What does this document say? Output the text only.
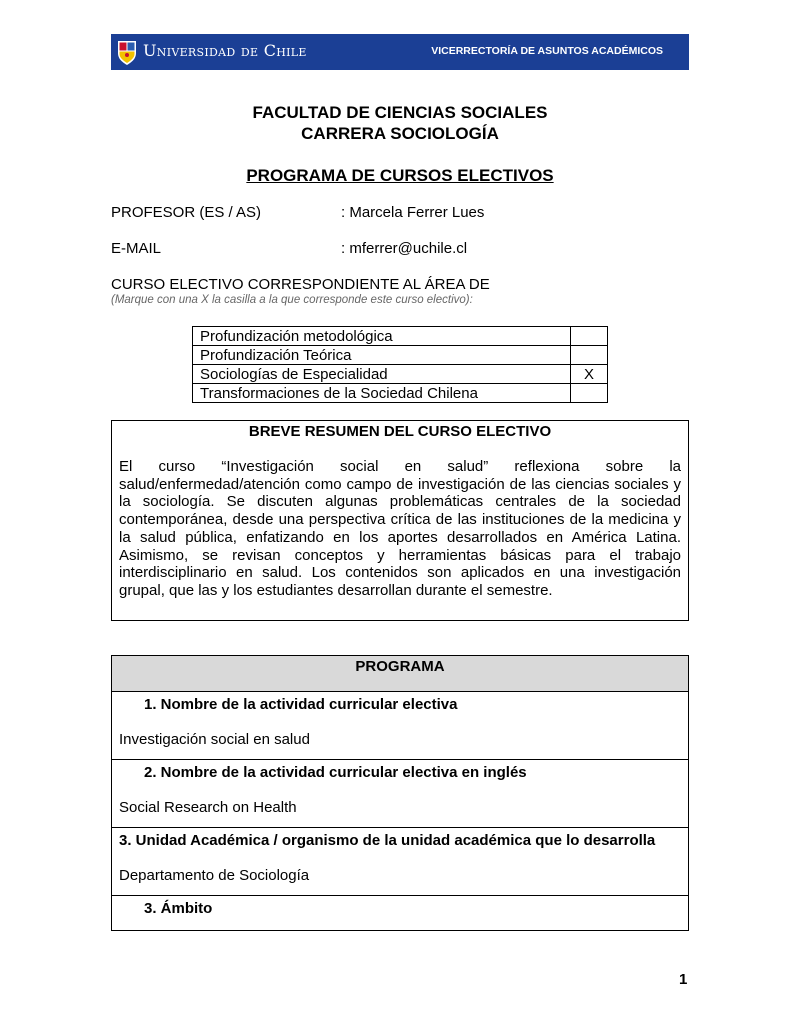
Universidad de Chile	VICERRECTORÍA DE ASUNTOS ACADÉMICOS
FACULTAD DE CIENCIAS SOCIALES
CARRERA SOCIOLOGÍA
PROGRAMA DE CURSOS ELECTIVOS
PROFESOR (ES / AS)	: Marcela Ferrer Lues
E-MAIL	: mferrer@uchile.cl
CURSO ELECTIVO CORRESPONDIENTE AL ÁREA DE
(Marque con una X la casilla a la que corresponde este curso electivo):
Profundización metodológica	
Profundización Teórica	
Sociologías de Especialidad	X
Transformaciones de la Sociedad Chilena	
BREVE RESUMEN DEL CURSO ELECTIVO
El curso “Investigación social en salud” reflexiona sobre la salud/enfermedad/atención como campo de investigación de las ciencias sociales y la sociología. Se discuten algunas problemáticas centrales de la sociedad contemporánea, desde una perspectiva crítica de las instituciones de la medicina y la salud pública, enfatizando en los aportes desarrollados en América Latina. Asimismo, se revisan conceptos y herramientas básicas para el trabajo interdisciplinario en salud. Los contenidos son aplicados en una investigación grupal, que las y los estudiantes desarrollan durante el semestre.
PROGRAMA
1. Nombre de la actividad curricular electiva
Investigación social en salud
2. Nombre de la actividad curricular electiva en inglés
Social Research on Health
3. Unidad Académica / organismo de la unidad académica que lo desarrolla
Departamento de Sociología
3. Ámbito
1
